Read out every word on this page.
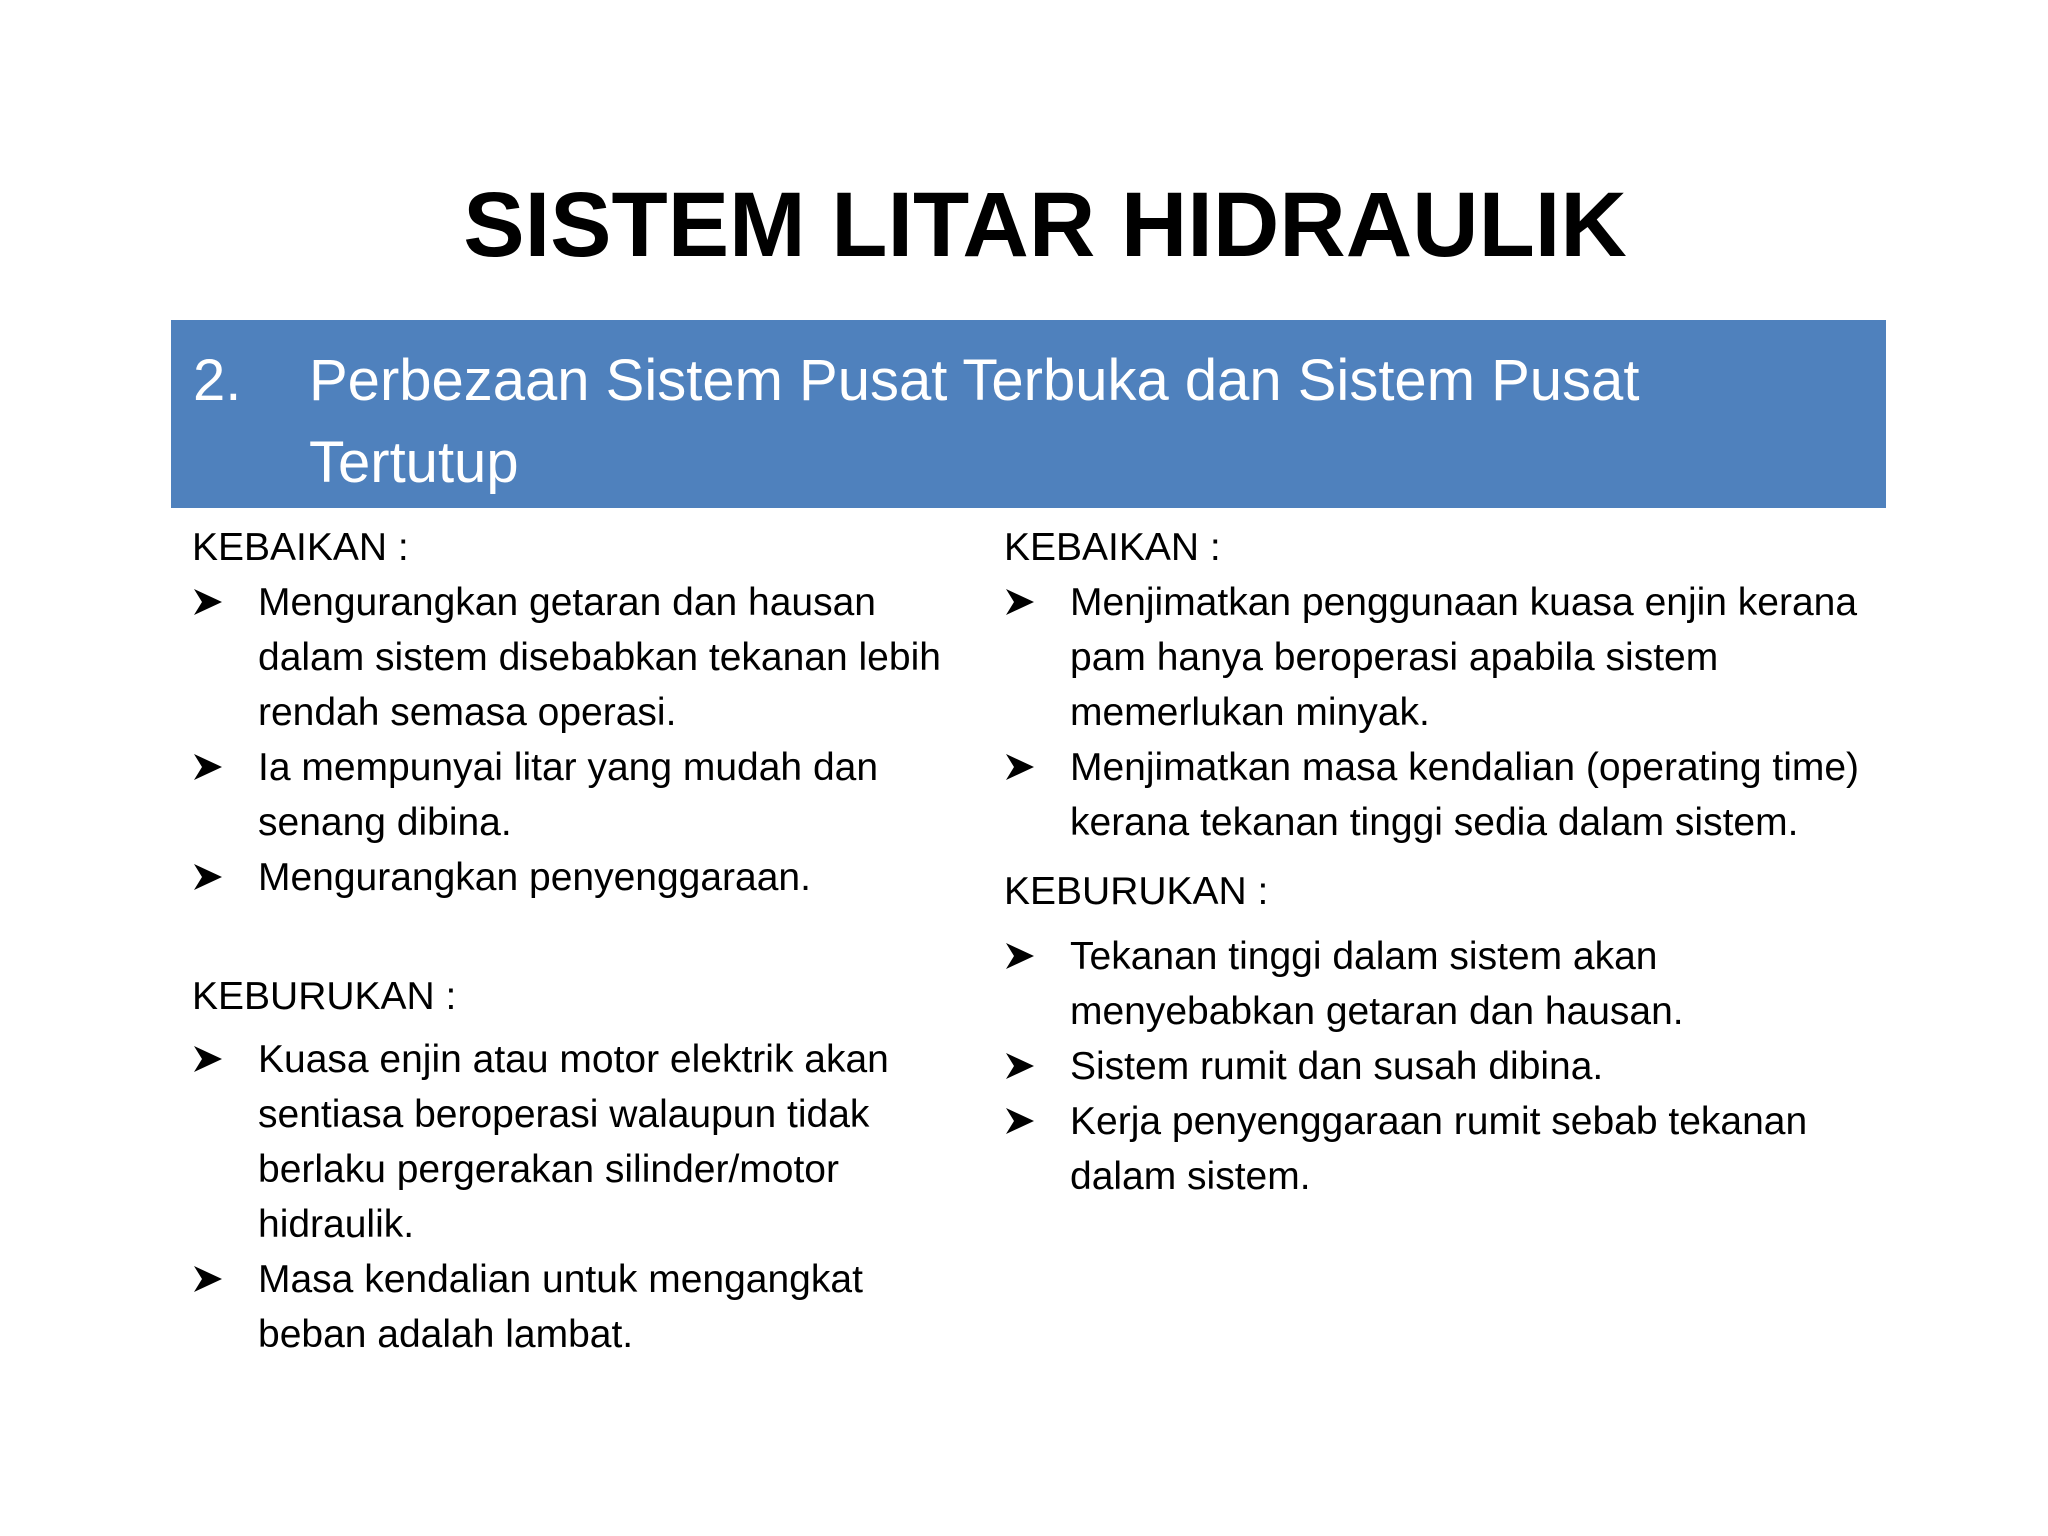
SISTEM LITAR HIDRAULIK
2. Perbezaan Sistem Pusat Terbuka dan Sistem Pusat Tertutup
KEBAIKAN :
Mengurangkan getaran dan hausan dalam sistem disebabkan tekanan lebih rendah semasa operasi.
Ia mempunyai litar yang mudah dan senang dibina.
Mengurangkan penyenggaraan.
KEBURUKAN :
Kuasa enjin atau motor elektrik akan sentiasa beroperasi walaupun tidak berlaku pergerakan silinder/motor hidraulik.
Masa kendalian untuk mengangkat beban adalah lambat.
KEBAIKAN :
Menjimatkan penggunaan kuasa enjin kerana pam hanya beroperasi apabila sistem memerlukan minyak.
Menjimatkan masa kendalian (operating time) kerana tekanan tinggi sedia dalam sistem.
KEBURUKAN :
Tekanan tinggi dalam sistem akan menyebabkan getaran dan hausan.
Sistem rumit dan susah dibina.
Kerja penyenggaraan rumit sebab tekanan dalam sistem.
